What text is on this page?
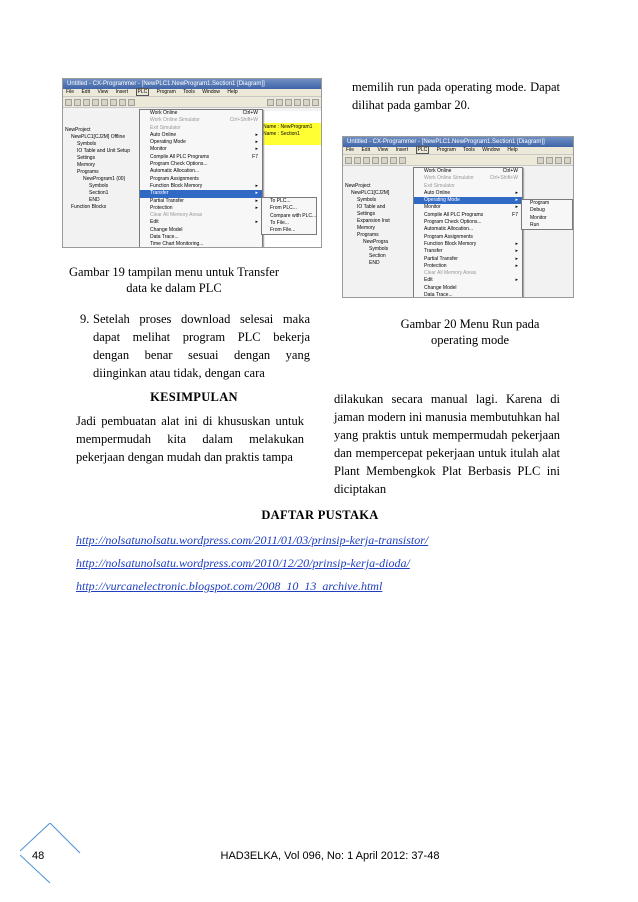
Untitled - CX-Programmer - [NewPLC1.NewProgram1.Section1 [Diagram]]
File Edit View Insert PLC Program Tools Window Help
NewProject
NewPLC1[CJ2M] Offline
Symbols
IO Table and Unit Setup
Settings
Memory
Programs
NewProgram1 (00)
Symbols
Section1
END
Function Blocks
Name : NewProgram1
Name : Section1
Work Online	Ctrl+W
Work Online Simulator	Ctrl+Shift+W
Exit Simulator
Auto Online	▸
Operating Mode	▸
Monitor	▸
Compile All PLC Programs	F7
Program Check Options...
Automatic Allocation...
Program Assignments
Function Block Memory	▸
Transfer	▸
Partial Transfer	▸
Protection	▸
Clear All Memory Areas
Edit	▸
Change Model
Data Trace...
Time Chart Monitoring...
To PLC...
From PLC...
Compare with PLC...
To File...
From File...
Untitled - CX-Programmer - [NewPLC1.NewProgram1.Section1 [Diagram]]
File Edit View Insert PLC Program Tools Window Help
NewProject
NewPLC1[CJ2M]
Symbols
IO Table and
Settings
Expansion Inst
Memory
Programs
NewProgra
Symbols
Section
END
Work Online	Ctrl+W
Work Online Simulator	Ctrl+Shift+W
Exit Simulator
Auto Online	▸
Operating Mode	▸
Monitor	▸
Compile All PLC Programs	F7
Program Check Options...
Automatic Allocation...
Program Assignments
Function Block Memory	▸
Transfer	▸
Partial Transfer	▸
Protection	▸
Clear All Memory Areas
Edit	▸
Change Model
Data Trace...
Program
Debug
Monitor
Run
memilih run pada operating mode. Dapat dilihat pada gambar 20.
Gambar 19 tampilan menu untuk Transfer data ke dalam PLC
9. Setelah proses download selesai maka dapat melihat program PLC bekerja dengan benar sesuai dengan yang diinginkan atau tidak, dengan cara
Gambar 20 Menu Run pada operating mode
KESIMPULAN
Jadi pembuatan alat ini di khususkan untuk mempermudah kita dalam melakukan pekerjaan dengan mudah dan praktis tampa
dilakukan secara manual lagi. Karena di jaman modern ini manusia membutuhkan hal yang praktis untuk mempermudah pekerjaan dan mempercepat pekerjaan untuk itulah alat Plant Membengkok Plat Berbasis PLC ini diciptakan
DAFTAR PUSTAKA
http://nolsatunolsatu.wordpress.com/2011/01/03/prinsip-kerja-transistor/
http://nolsatunolsatu.wordpress.com/2010/12/20/prinsip-kerja-dioda/
http://vurcanelectronic.blogspot.com/2008_10_13_archive.html
48	HAD3ELKA, Vol 096, No: 1 April 2012: 37-48
